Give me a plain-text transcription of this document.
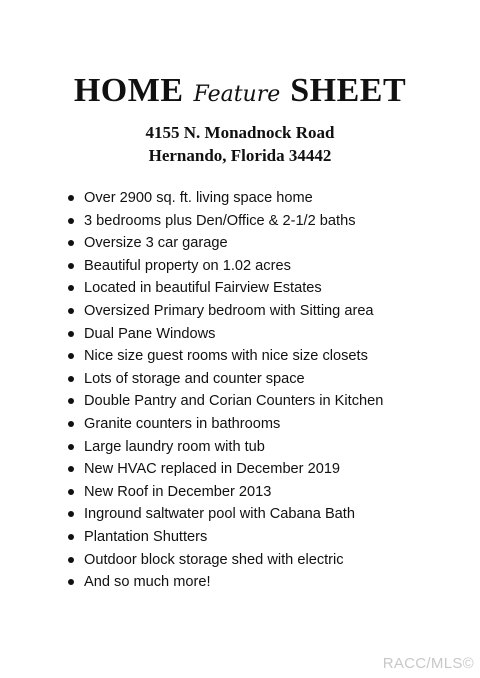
HOME Feature SHEET
4155 N. Monadnock Road
Hernando, Florida 34442
Over 2900 sq. ft. living space home
3 bedrooms plus Den/Office & 2-1/2 baths
Oversize 3 car garage
Beautiful property on 1.02 acres
Located in beautiful Fairview Estates
Oversized Primary bedroom with Sitting area
Dual Pane Windows
Nice size guest rooms with nice size closets
Lots of storage and counter space
Double Pantry and Corian Counters in Kitchen
Granite counters in bathrooms
Large laundry room with tub
New HVAC replaced in December 2019
New Roof in December 2013
Inground saltwater pool with Cabana Bath
Plantation Shutters
Outdoor block storage shed with electric
And so much more!
RACC/MLS©
